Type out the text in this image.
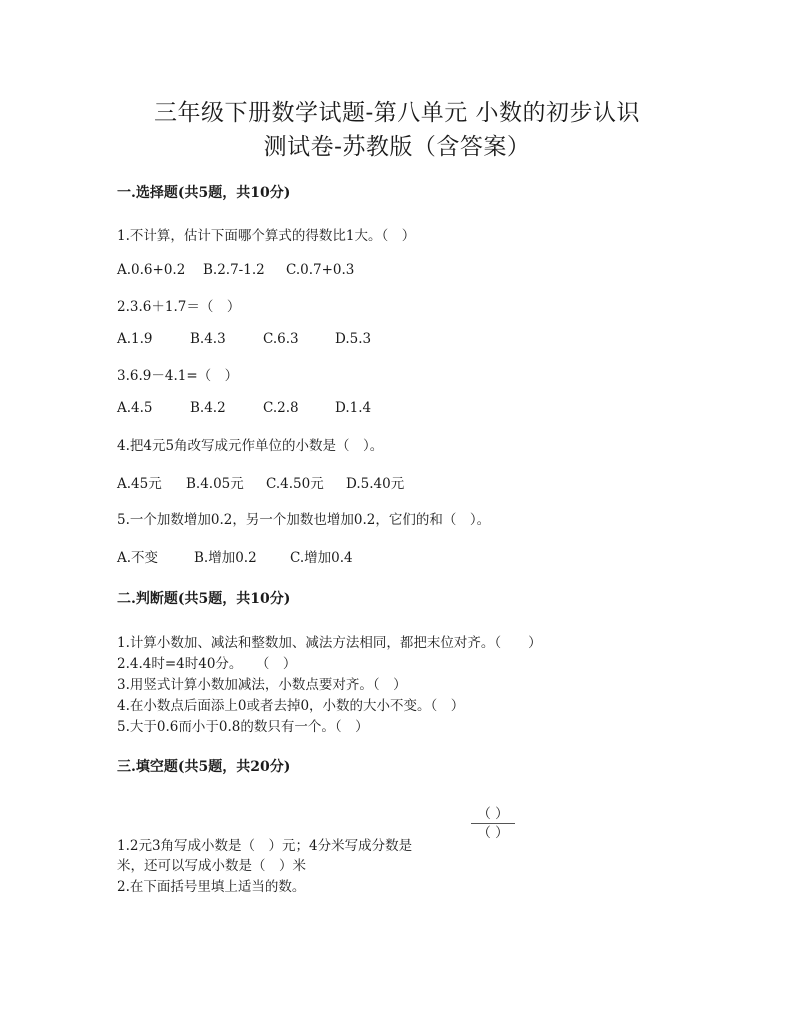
三年级下册数学试题-第八单元 小数的初步认识
测试卷-苏教版（含答案）
一.选择题(共5题，共10分)
1.不计算，估计下面哪个算式的得数比1大。（　）
A.0.6+0.2 B.2.7-1.2 C.0.7+0.3
2.3.6＋1.7＝（　）
A.1.9	B.4.3	C.6.3	D.5.3
3.6.9－4.1=（　）
A.4.5	B.4.2	C.2.8	D.1.4
4.把4元5角改写成元作单位的小数是（　）。
A.45元 B.4.05元 C.4.50元 D.5.40元
5.一个加数增加0.2，另一个加数也增加0.2，它们的和（　）。
A.不变	B.增加0.2 C.增加0.4
二.判断题(共5题，共10分)
1.计算小数加、减法和整数加、减法方法相同，都把末位对齐。（　　）
2.4.4时=4时40分。　　（　）
3.用竖式计算小数加减法，小数点要对齐。（　）
4.在小数点后面添上0或者去掉0，小数的大小不变。（　）
5.大于0.6而小于0.8的数只有一个。（　）
三.填空题(共5题，共20分)
（ ）
（ ）
1.2元3角写成小数是（　）元；4分米写成分数是
米，还可以写成小数是（　）米
2.在下面括号里填上适当的数。
